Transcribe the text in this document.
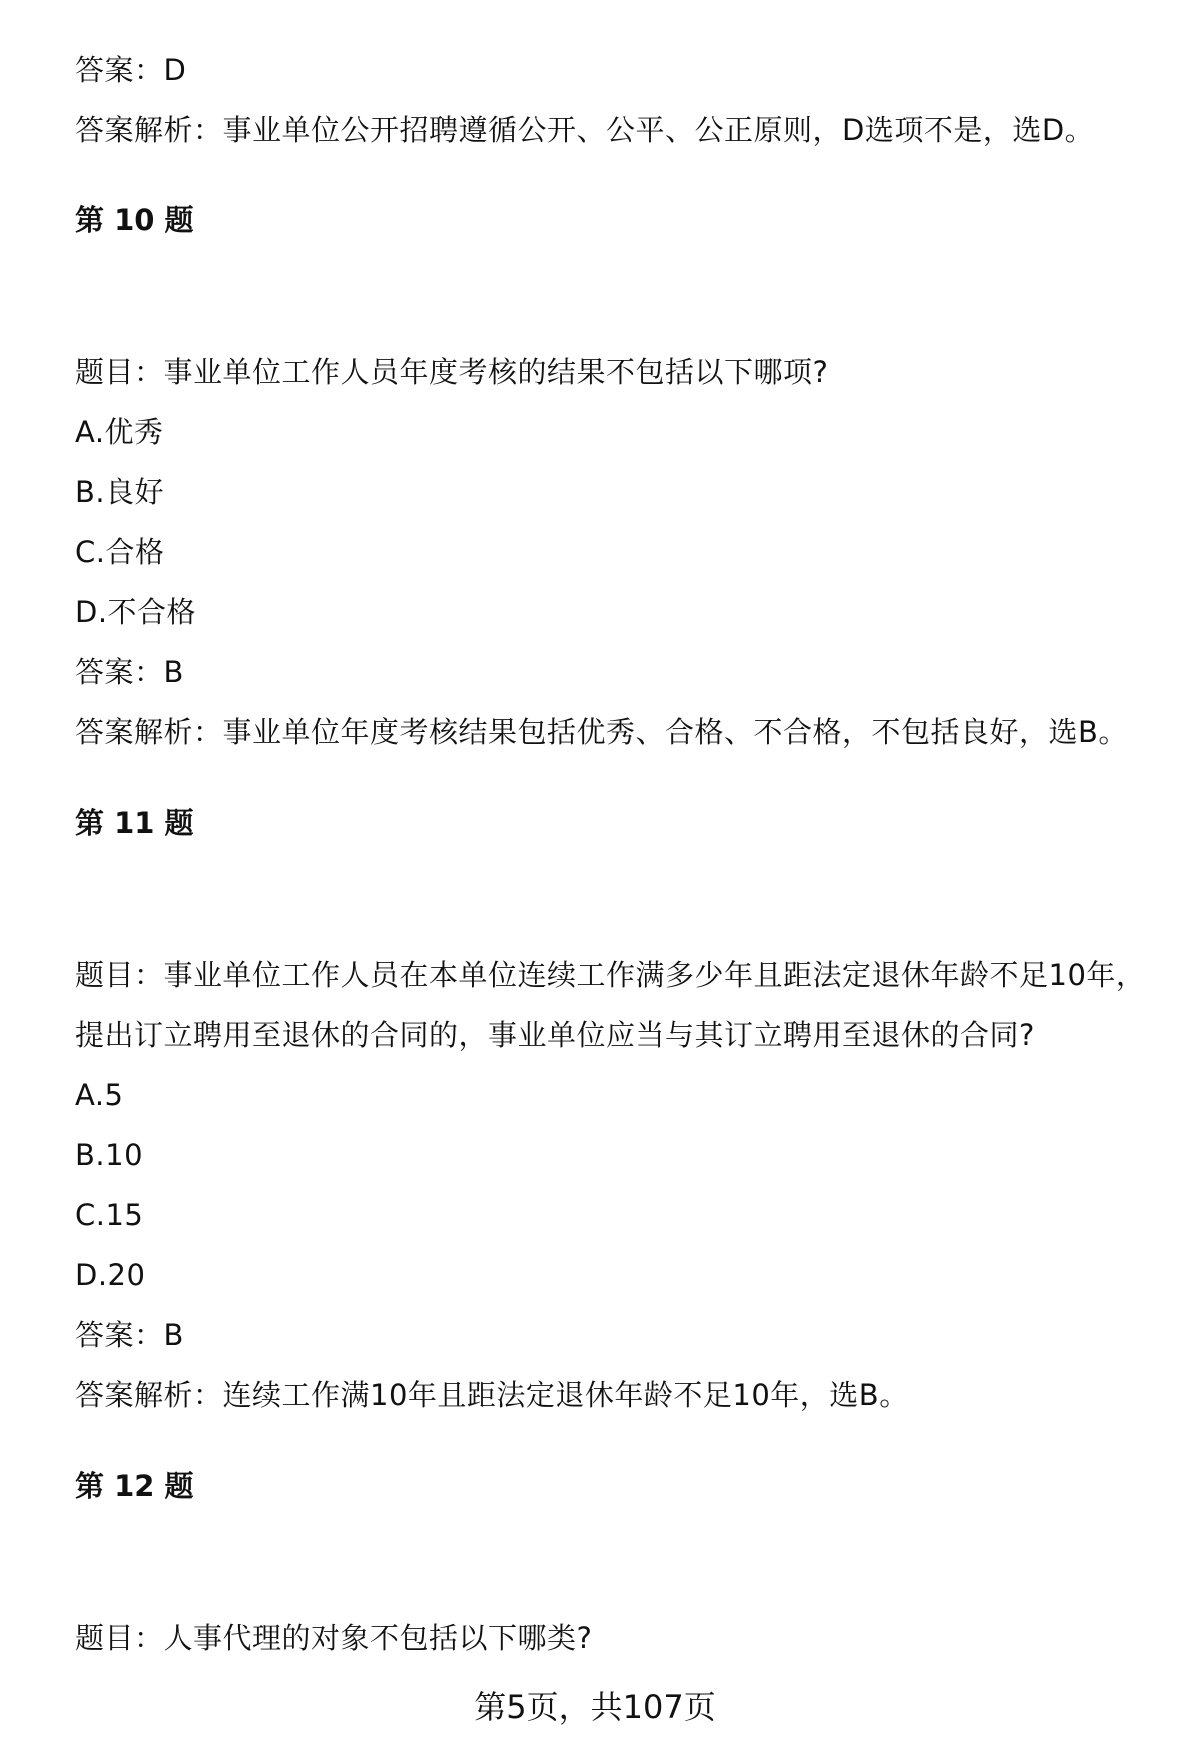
答案：D
答案解析：事业单位公开招聘遵循公开、公平、公正原则，D选项不是，选D。
第 10 题
题目：事业单位工作人员年度考核的结果不包括以下哪项?
A.优秀
B.良好
C.合格
D.不合格
答案：B
答案解析：事业单位年度考核结果包括优秀、合格、不合格，不包括良好，选B。
第 11 题
题目：事业单位工作人员在本单位连续工作满多少年且距法定退休年龄不足10年，
提出订立聘用至退休的合同的，事业单位应当与其订立聘用至退休的合同?
A.5
B.10
C.15
D.20
答案：B
答案解析：连续工作满10年且距法定退休年龄不足10年，选B。
第 12 题
题目：人事代理的对象不包括以下哪类?
第5页，共107页
